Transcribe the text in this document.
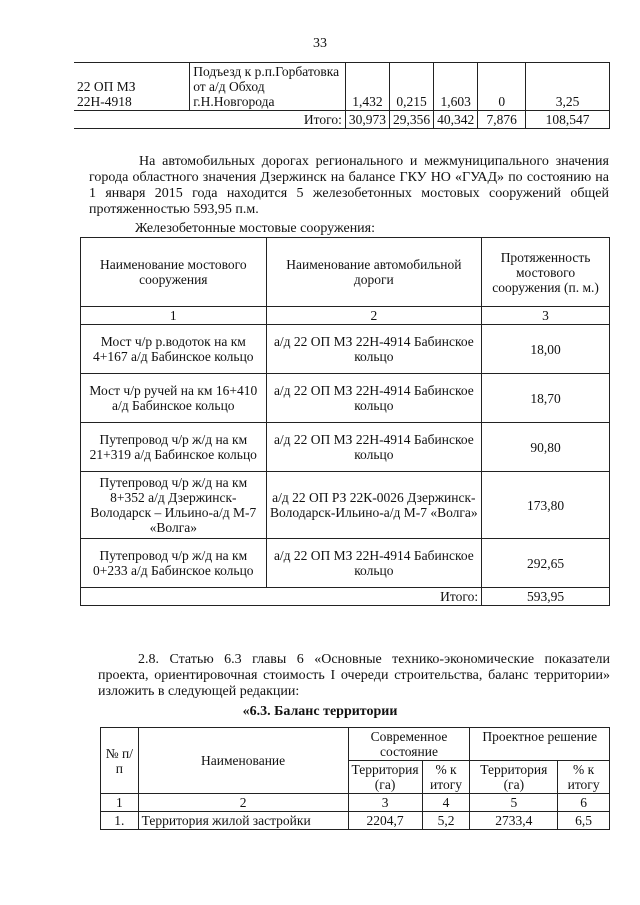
33
22 ОП МЗ 22Н-4918	Подъезд к р.п.Горбатовка от а/д Обход г.Н.Новгорода	1,432	0,215	1,603	0	3,25
Итого:		30,973	29,356	40,342	7,876	108,547
На автомобильных дорогах регионального и межмуниципального значения города областного значения Дзержинск на балансе ГКУ НО «ГУАД» по состоянию на 1 января 2015 года находится 5 железобетонных мостовых сооружений общей протяженностью 593,95 п.м.
Железобетонные мостовые сооружения:
Наименование мостового сооружения	Наименование автомобильной дороги	Протяженность мостового сооружения (п. м.)
1	2	3
Мост ч/р р.водоток на км 4+167 а/д Бабинское кольцо	а/д 22 ОП МЗ 22Н-4914 Бабинское кольцо	18,00
Мост ч/р ручей на км 16+410 а/д Бабинское кольцо	а/д 22 ОП МЗ 22Н-4914 Бабинское кольцо	18,70
Путепровод ч/р ж/д на км 21+319 а/д Бабинское кольцо	а/д 22 ОП МЗ 22Н-4914 Бабинское кольцо	90,80
Путепровод ч/р ж/д на км 8+352 а/д Дзержинск-Володарск – Ильино-а/д М-7 «Волга»	а/д 22 ОП РЗ 22К-0026 Дзержинск-Володарск-Ильино-а/д М-7 «Волга»	173,80
Путепровод ч/р ж/д на км 0+233 а/д Бабинское кольцо	а/д 22 ОП МЗ 22Н-4914 Бабинское кольцо	292,65
Итого:		593,95
2.8. Статью 6.3 главы 6 «Основные технико-экономические показатели проекта, ориентировочная стоимость I очереди строительства, баланс территории» изложить в следующей редакции:
«6.3. Баланс территории
№ п/п	Наименование	Современное состояние		Проектное решение	
		Территория (га)	% к итогу	Территория (га)	% к итогу
1	2	3	4	5	6
1.	Территория жилой застройки	2204,7	5,2	2733,4	6,5
